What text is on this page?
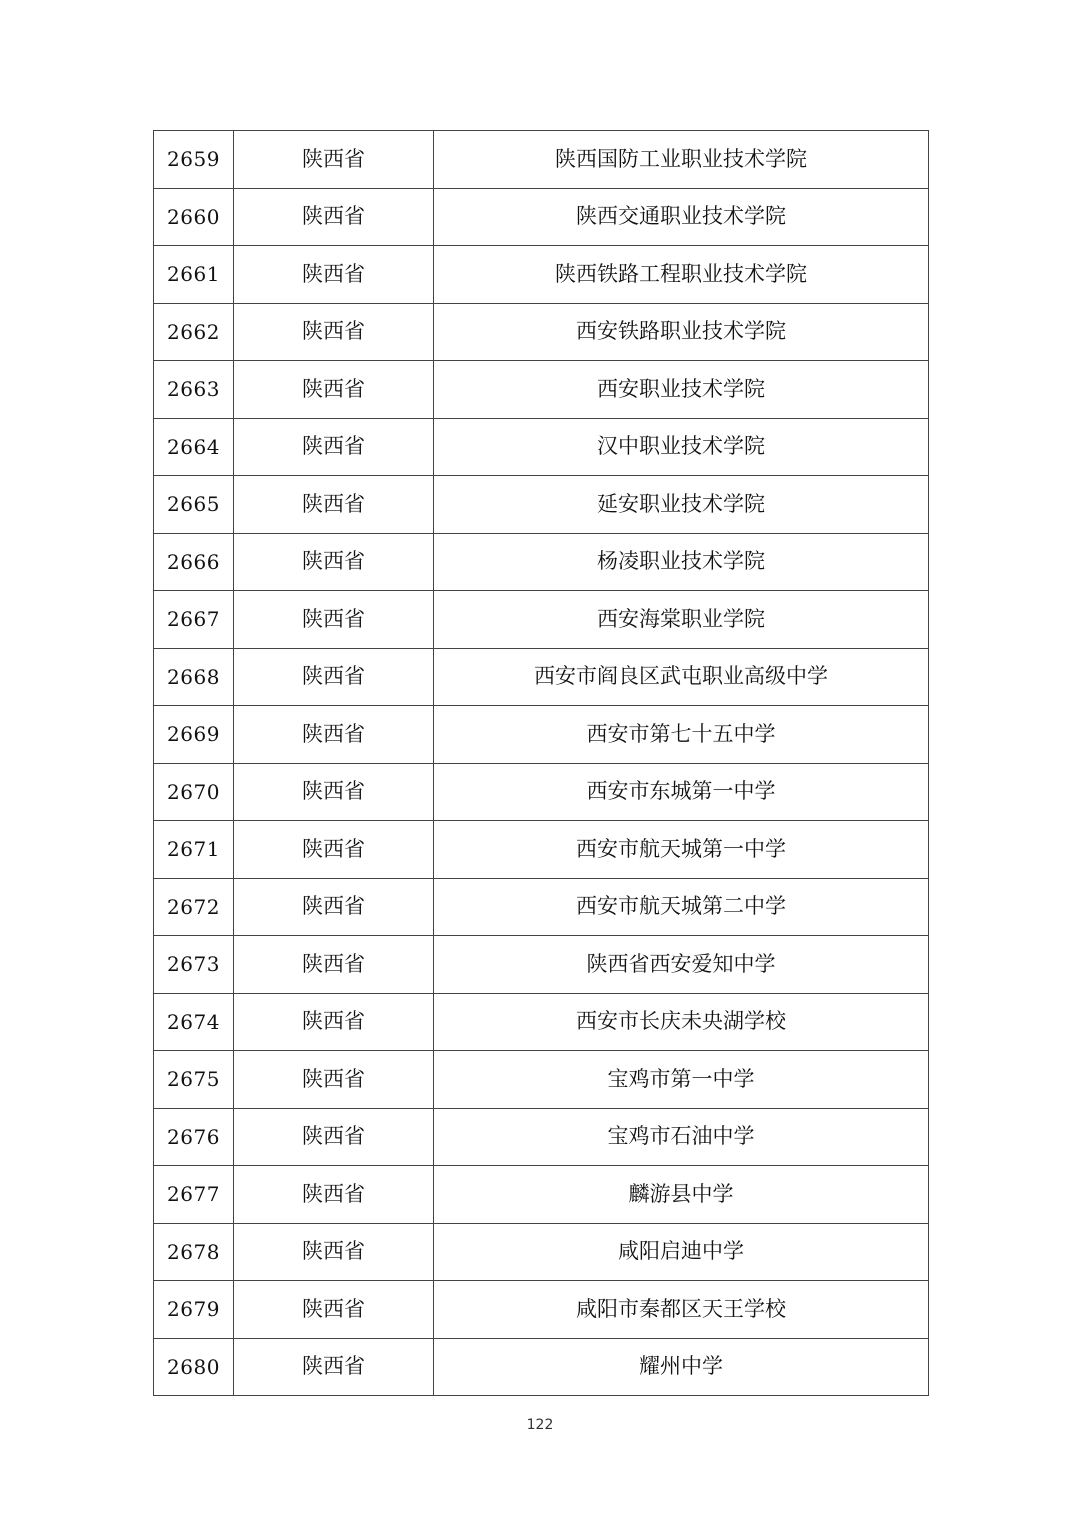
2659	陕西省	陕西国防工业职业技术学院
2660	陕西省	陕西交通职业技术学院
2661	陕西省	陕西铁路工程职业技术学院
2662	陕西省	西安铁路职业技术学院
2663	陕西省	西安职业技术学院
2664	陕西省	汉中职业技术学院
2665	陕西省	延安职业技术学院
2666	陕西省	杨凌职业技术学院
2667	陕西省	西安海棠职业学院
2668	陕西省	西安市阎良区武屯职业高级中学
2669	陕西省	西安市第七十五中学
2670	陕西省	西安市东城第一中学
2671	陕西省	西安市航天城第一中学
2672	陕西省	西安市航天城第二中学
2673	陕西省	陕西省西安爱知中学
2674	陕西省	西安市长庆未央湖学校
2675	陕西省	宝鸡市第一中学
2676	陕西省	宝鸡市石油中学
2677	陕西省	麟游县中学
2678	陕西省	咸阳启迪中学
2679	陕西省	咸阳市秦都区天王学校
2680	陕西省	耀州中学
122
